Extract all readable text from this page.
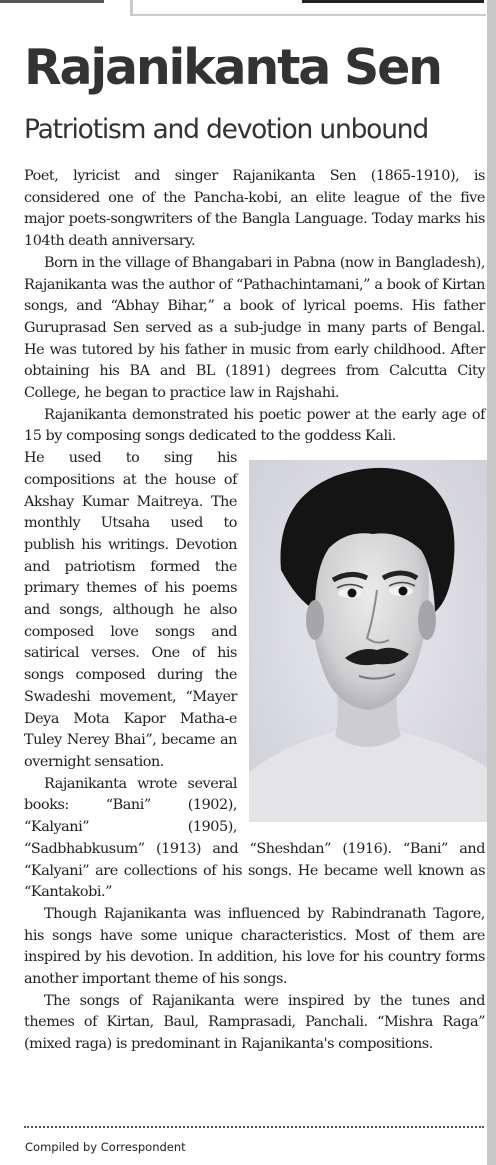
Rajanikanta Sen
Patriotism and devotion unbound

Poet, lyricist and singer Rajanikanta Sen (1865-1910), is considered one of the Pancha-kobi, an elite league of the five major poets-songwriters of the Bangla Language. Today marks his 104th death anniversary.

Born in the village of Bhangabari in Pabna (now in Bangladesh), Rajanikanta was the author of “Pathachintamani,” a book of Kirtan songs, and “Abhay Bihar,” a book of lyrical poems. His father Guruprasad Sen served as a sub-judge in many parts of Bengal. He was tutored by his father in music from early childhood. After obtaining his BA and BL (1891) degrees from Calcutta City College, he began to practice law in Rajshahi.

Rajanikanta demonstrated his poetic power at the early age of 15 by composing songs dedicated to the goddess Kali.

He used to sing his compositions at the house of Akshay Kumar Maitreya. The monthly Utsaha used to publish his writings. Devotion and patriotism formed the primary themes of his poems and songs, although he also composed love songs and satirical verses. One of his songs composed during the Swadeshi movement, “Mayer Deya Mota Kapor Matha-e Tuley Nerey Bhai”, became an overnight sensation.

Rajanikanta wrote several books: “Bani” (1902), “Kalyani” (1905), “Sadbhabkusum” (1913) and “Sheshdan” (1916). “Bani” and “Kalyani” are collections of his songs. He became well known as “Kantakobi.”

Though Rajanikanta was influenced by Rabindranath Tagore, his songs have some unique characteristics. Most of them are inspired by his devotion. In addition, his love for his country forms another important theme of his songs.

The songs of Rajanikanta were inspired by the tunes and themes of Kirtan, Baul, Ramprasadi, Panchali. “Mishra Raga” (mixed raga) is predominant in Rajanikanta's compositions.

Compiled by Correspondent
